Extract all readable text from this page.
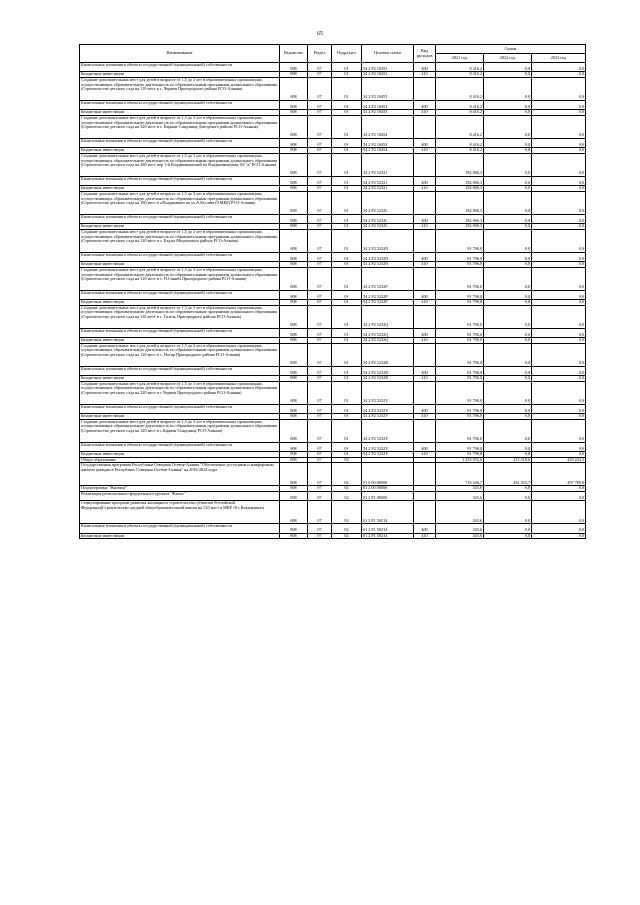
65
Наименование	Ведомство	Раздел	Подраздел	Целевая статья	Вид расходов	Сумма		
						2021 год	2022 год	2023 год
Капитальные вложения в объекты государственной (муниципальной) собственности	808	07	01	34 2 P2 10453	400	8 416,2	0,0	0,0
Бюджетные инвестиции	808	07	01	34 2 P2 10453	410	8 416,2	0,0	0,0
Создание дополнительных мест для детей в возрасте от 1,5 до 3 лет в образовательных организациях, осуществляющих образовательную деятельность по образовательным программам дошкольного образования (Строительство детского сада на 110 мест в с. Чермен Пригородного района РСО-Алания)	808	07	01	34 2 P2 10453		8 416,2	0,0	0,0
Капитальные вложения в объекты государственной (муниципальной) собственности	808	07	01	34 2 P2 10453	400	8 416,2	0,0	0,0
Бюджетные инвестиции	808	07	01	34 2 P2 10453	410	8 416,2	0,0	0,0
Создание дополнительных мест для детей в возрасте от 1,5 до 3 лет в образовательных организациях, осуществляющих образовательную деятельность по образовательным программам дошкольного образования (Строительство детского сада на 320 мест в с. Карман-Синдзикау Дигорского района РСО-Алания)	808	07	01	34 2 P2 10454		8 416,2	0,0	0,0
Капитальные вложения в объекты государственной (муниципальной) собственности	808	07	01	34 2 P2 10454	400	8 416,2	0,0	0,0
Бюджетные инвестиции	808	07	01	34 2 P2 10454	410	8 416,2	0,0	0,0
Создание дополнительных мест для детей в возрасте от 1,5 до 3 лет в образовательных организациях, осуществляющих образовательную деятельность по образовательным программам дошкольного образования (Строительство детского сада на 280 мест пер 1-й Владикавказский по Владикавказская, 69 "а" РСО-Алания)	808	07	01	34 2 P2 52321		182 006,3	0,0	0,0
Капитальные вложения в объекты государственной (муниципальной) собственности	808	07	01	34 2 P2 52321	400	182 006,3	0,0	0,0
Бюджетные инвестиции	808	07	01	34 2 P2 52321	410	182 006,3	0,0	0,0
Создание дополнительных мест для детей в возрасте от 1,5 до 3 лет в образовательных организациях, осуществляющих образовательную деятельность по образовательным программам дошкольного образования (Строительство детского сада на 180 мест в г.Владикавказ по ул.А.Кесаева (9 МКР) РСО-Алания)	808	07	01	34 2 P2 5232L		182 006,3	0,0	0,0
Капитальные вложения в объекты государственной (муниципальной) собственности	808	07	01	34 2 P2 5232L	400	182 006,3	0,0	0,0
Бюджетные инвестиции	808	07	01	34 2 P2 5232L	410	182 006,3	0,0	0,0
Создание дополнительных мест для детей в возрасте от 1,5 до 3 лет в образовательных организациях, осуществляющих образовательную деятельность по образовательным программам дошкольного образования (Строительство детского сада на 120 мест в с. Бадлы Моздокского района РСО-Алания)	808	07	01	34 2 P2 5232N		81 796,0	0,0	0,0
Капитальные вложения в объекты государственной (муниципальной) собственности	808	07	01	34 2 P2 5232N	400	81 796,0	0,0	0,0
Бюджетные инвестиции	808	07	01	34 2 P2 5232N	410	81 796,0	0,0	0,0
Создание дополнительных мест для детей в возрасте от 1,5 до 3 лет в образовательных организациях, осуществляющих образовательную деятельность по образовательным программам дошкольного образования (Строительство детского сада на 120 мест в с. Н.Саниба Пригородного района РСО-Алания)	808	07	01	34 2 P2 5232P		81 796,0	0,0	0,0
Капитальные вложения в объекты государственной (муниципальной) собственности	808	07	01	34 2 P2 5232P	400	81 796,0	0,0	0,0
Бюджетные инвестиции	808	07	01	34 2 P2 5232P	410	81 796,0	0,0	0,0
Создание дополнительных мест для детей в возрасте от 1,5 до 3 лет в образовательных организациях, осуществляющих образовательную деятельность по образовательным программам дошкольного образования (Строительство детского сада на 110 мест в с. Гизель Пригородного района РСО-Алания)	808	07	01	34 2 P2 5232Q		81 796,0	0,0	0,0
Капитальные вложения в объекты государственной (муниципальной) собственности	808	07	01	34 2 P2 5232Q	400	81 796,0	0,0	0,0
Бюджетные инвестиции	808	07	01	34 2 P2 5232Q	410	81 796,0	0,0	0,0
Создание дополнительных мест для детей в возрасте от 1,5 до 3 лет в образовательных организациях, осуществляющих образовательную деятельность по образовательным программам дошкольного образования (Строительство детского сада на 120 мест в с. Ногир Пригородного района РСО-Алания)	808	07	01	34 2 P2 5232R		81 796,0	0,0	0,0
Капитальные вложения в объекты государственной (муниципальной) собственности	808	07	01	34 2 P2 5232R	400	81 796,0	0,0	0,0
Бюджетные инвестиции	808	07	01	34 2 P2 5232R	410	81 796,0	0,0	0,0
Создание дополнительных мест для детей в возрасте от 1,5 до 3 лет в образовательных организациях, осуществляющих образовательную деятельность по образовательным программам дошкольного образования (Строительство детского сада на 320 мест в с.Чермен Пригородного района РСО-Алания)	808	07	01	34 2 P2 5232V		81 796,0	0,0	0,0
Капитальные вложения в объекты государственной (муниципальной) собственности	808	07	01	34 2 P2 5232V	400	81 796,0	0,0	0,0
Бюджетные инвестиции	808	07	01	34 2 P2 5232V	410	81 796,0	0,0	0,0
Создание дополнительных мест для детей в возрасте от 1,5 до 3 лет в образовательных организациях, осуществляющих образовательную деятельность по образовательным программам дошкольного образования (Строительство детского сада на 320 мест в с.Карман-Синдзикау РСО-Алания)	808	07	01	34 2 P2 5232Y		81 796,0	0,0	0,0
Капитальные вложения в объекты государственной (муниципальной) собственности	808	07	01	34 2 P2 5232Y	400	81 796,0	0,0	0,0
Бюджетные инвестиции	808	07	01	34 2 P2 5232Y	410	81 796,0	0,0	0,0
Общее образование	808	07	02			1 233 932,6	415 518,6	429 244,3
Государственная программа Республики Северная Осетия-Алания "Обеспечение доступным и комфортным жильем граждан в Республике Северная Осетия-Алания" на 2016-2024 годы	808	07	02	01 0 00 00000		716 546,7	281 333,7	297 789,9
Подпрограмма "Жилище"	808	07	02	01 2 00 00000		343,6	0,0	0,0
Реализация регионального федерального проекта "Жилье"	808	07	02	01 2 F1 00000		343,6	0,0	0,0
Стимулирование программ развития жилищного строительства субъектов Российской Федерации(Строительство средней общеобразовательной школы на 510 мест в МКР 18 г.Владикавказ)	808	07	02	01 2 F1 50214		343,6	0,0	0,0
Капитальные вложения в объекты государственной (муниципальной) собственности	808	07	02	01 2 F1 50214	400	343,6	0,0	0,0
Бюджетные инвестиции	808	07	02	01 2 F1 50214	410	343,6	0,0	0,0
